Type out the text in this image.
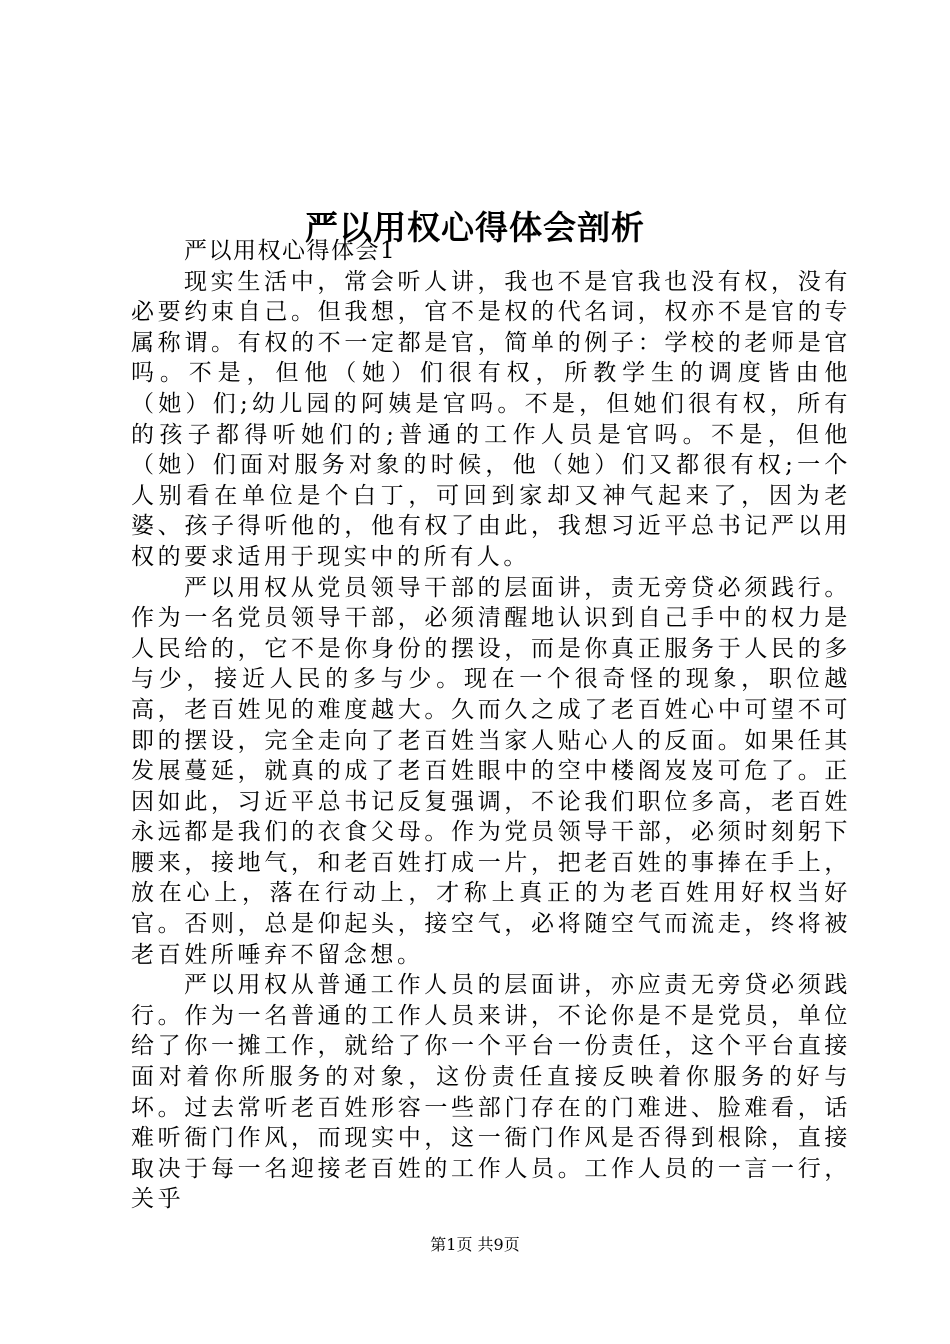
严以用权心得体会剖析

严以用权心得体会1

现实生活中，常会听人讲，我也不是官我也没有权，没有必要约束自己。但我想，官不是权的代名词，权亦不是官的专属称谓。有权的不一定都是官，简单的例子：学校的老师是官吗。不是，但他（她）们很有权，所教学生的调度皆由他（她）们;幼儿园的阿姨是官吗。不是，但她们很有权，所有的孩子都得听她们的;普通的工作人员是官吗。不是，但他（她）们面对服务对象的时候，他（她）们又都很有权;一个人别看在单位是个白丁，可回到家却又神气起来了，因为老婆、孩子得听他的，他有权了由此，我想习近平总书记严以用权的要求适用于现实中的所有人。

严以用权从党员领导干部的层面讲，责无旁贷必须践行。作为一名党员领导干部，必须清醒地认识到自己手中的权力是人民给的，它不是你身份的摆设，而是你真正服务于人民的多与少，接近人民的多与少。现在一个很奇怪的现象，职位越高，老百姓见的难度越大。久而久之成了老百姓心中可望不可即的摆设，完全走向了老百姓当家人贴心人的反面。如果任其发展蔓延，就真的成了老百姓眼中的空中楼阁岌岌可危了。正因如此，习近平总书记反复强调，不论我们职位多高，老百姓永远都是我们的衣食父母。作为党员领导干部，必须时刻躬下腰来，接地气，和老百姓打成一片，把老百姓的事捧在手上，放在心上，落在行动上，才称上真正的为老百姓用好权当好官。否则，总是仰起头，接空气，必将随空气而流走，终将被老百姓所唾弃不留念想。

严以用权从普通工作人员的层面讲，亦应责无旁贷必须践行。作为一名普通的工作人员来讲，不论你是不是党员，单位给了你一摊工作，就给了你一个平台一份责任，这个平台直接面对着你所服务的对象，这份责任直接反映着你服务的好与坏。过去常听老百姓形容一些部门存在的门难进、脸难看，话难听衙门作风，而现实中，这一衙门作风是否得到根除，直接取决于每一名迎接老百姓的工作人员。工作人员的一言一行，关乎

第1页 共9页
